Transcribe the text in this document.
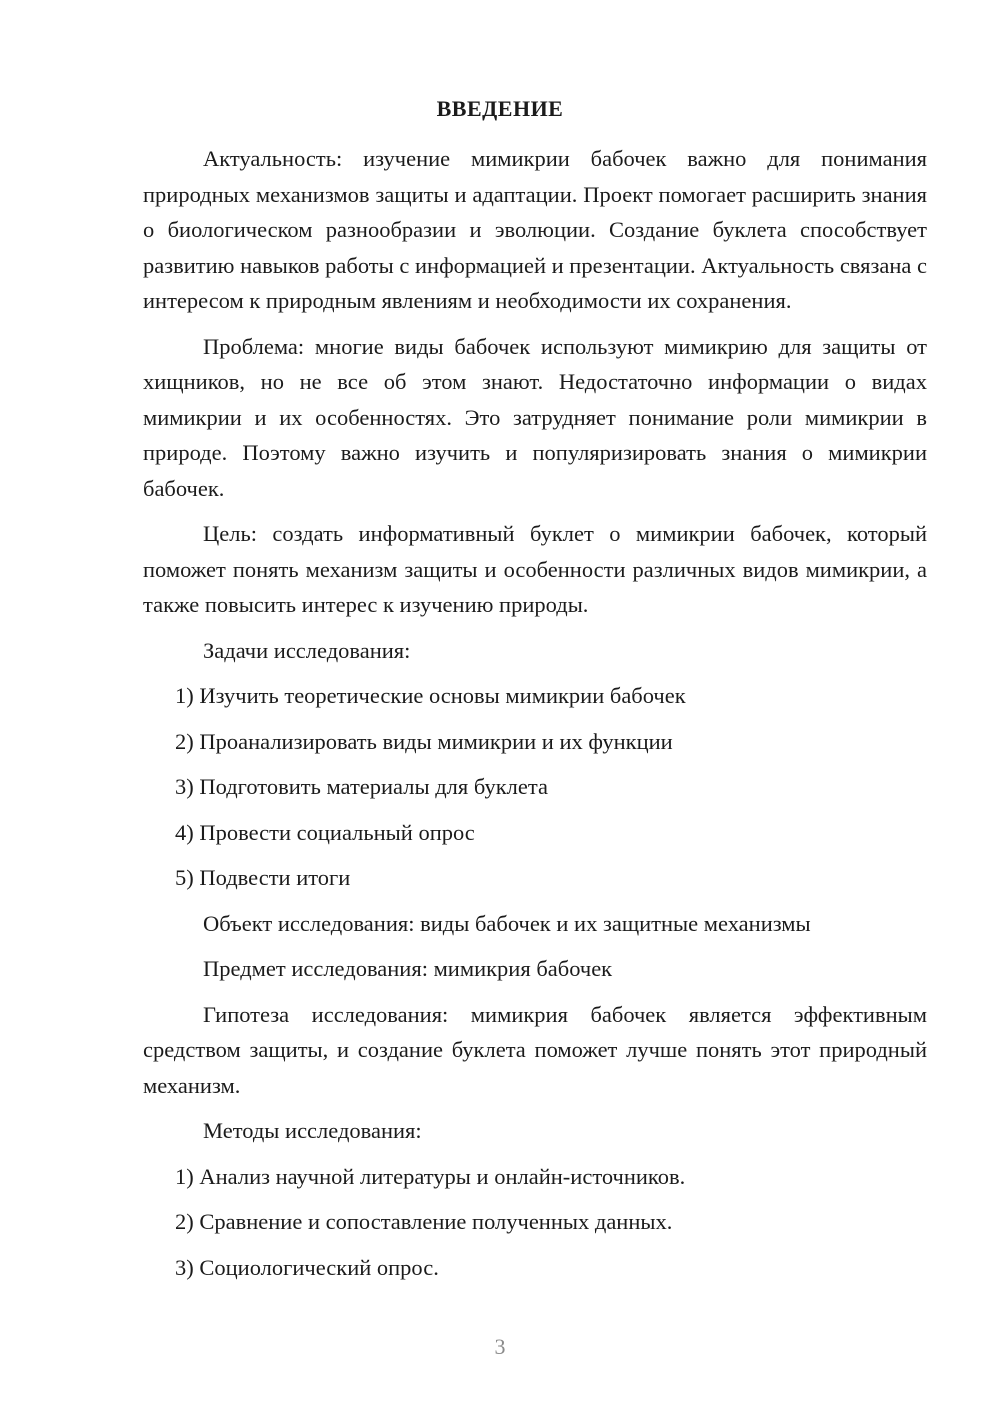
ВВЕДЕНИЕ

Актуальность: изучение мимикрии бабочек важно для понимания природных механизмов защиты и адаптации. Проект помогает расширить знания о биологическом разнообразии и эволюции. Создание буклета способствует развитию навыков работы с информацией и презентации. Актуальность связана с интересом к природным явлениям и необходимости их сохранения.

Проблема: многие виды бабочек используют мимикрию для защиты от хищников, но не все об этом знают. Недостаточно информации о видах мимикрии и их особенностях. Это затрудняет понимание роли мимикрии в природе. Поэтому важно изучить и популяризировать знания о мимикрии бабочек.

Цель: создать информативный буклет о мимикрии бабочек, который поможет понять механизм защиты и особенности различных видов мимикрии, а также повысить интерес к изучению природы.

Задачи исследования:

1) Изучить теоретические основы мимикрии бабочек

2) Проанализировать виды мимикрии и их функции

3) Подготовить материалы для буклета

4) Провести социальный опрос

5) Подвести итоги

Объект исследования: виды бабочек и их защитные механизмы

Предмет исследования: мимикрия бабочек

Гипотеза исследования: мимикрия бабочек является эффективным средством защиты, и создание буклета поможет лучше понять этот природный механизм.

Методы исследования:

1) Анализ научной литературы и онлайн-источников.

2) Сравнение и сопоставление полученных данных.

3) Социологический опрос.

3
